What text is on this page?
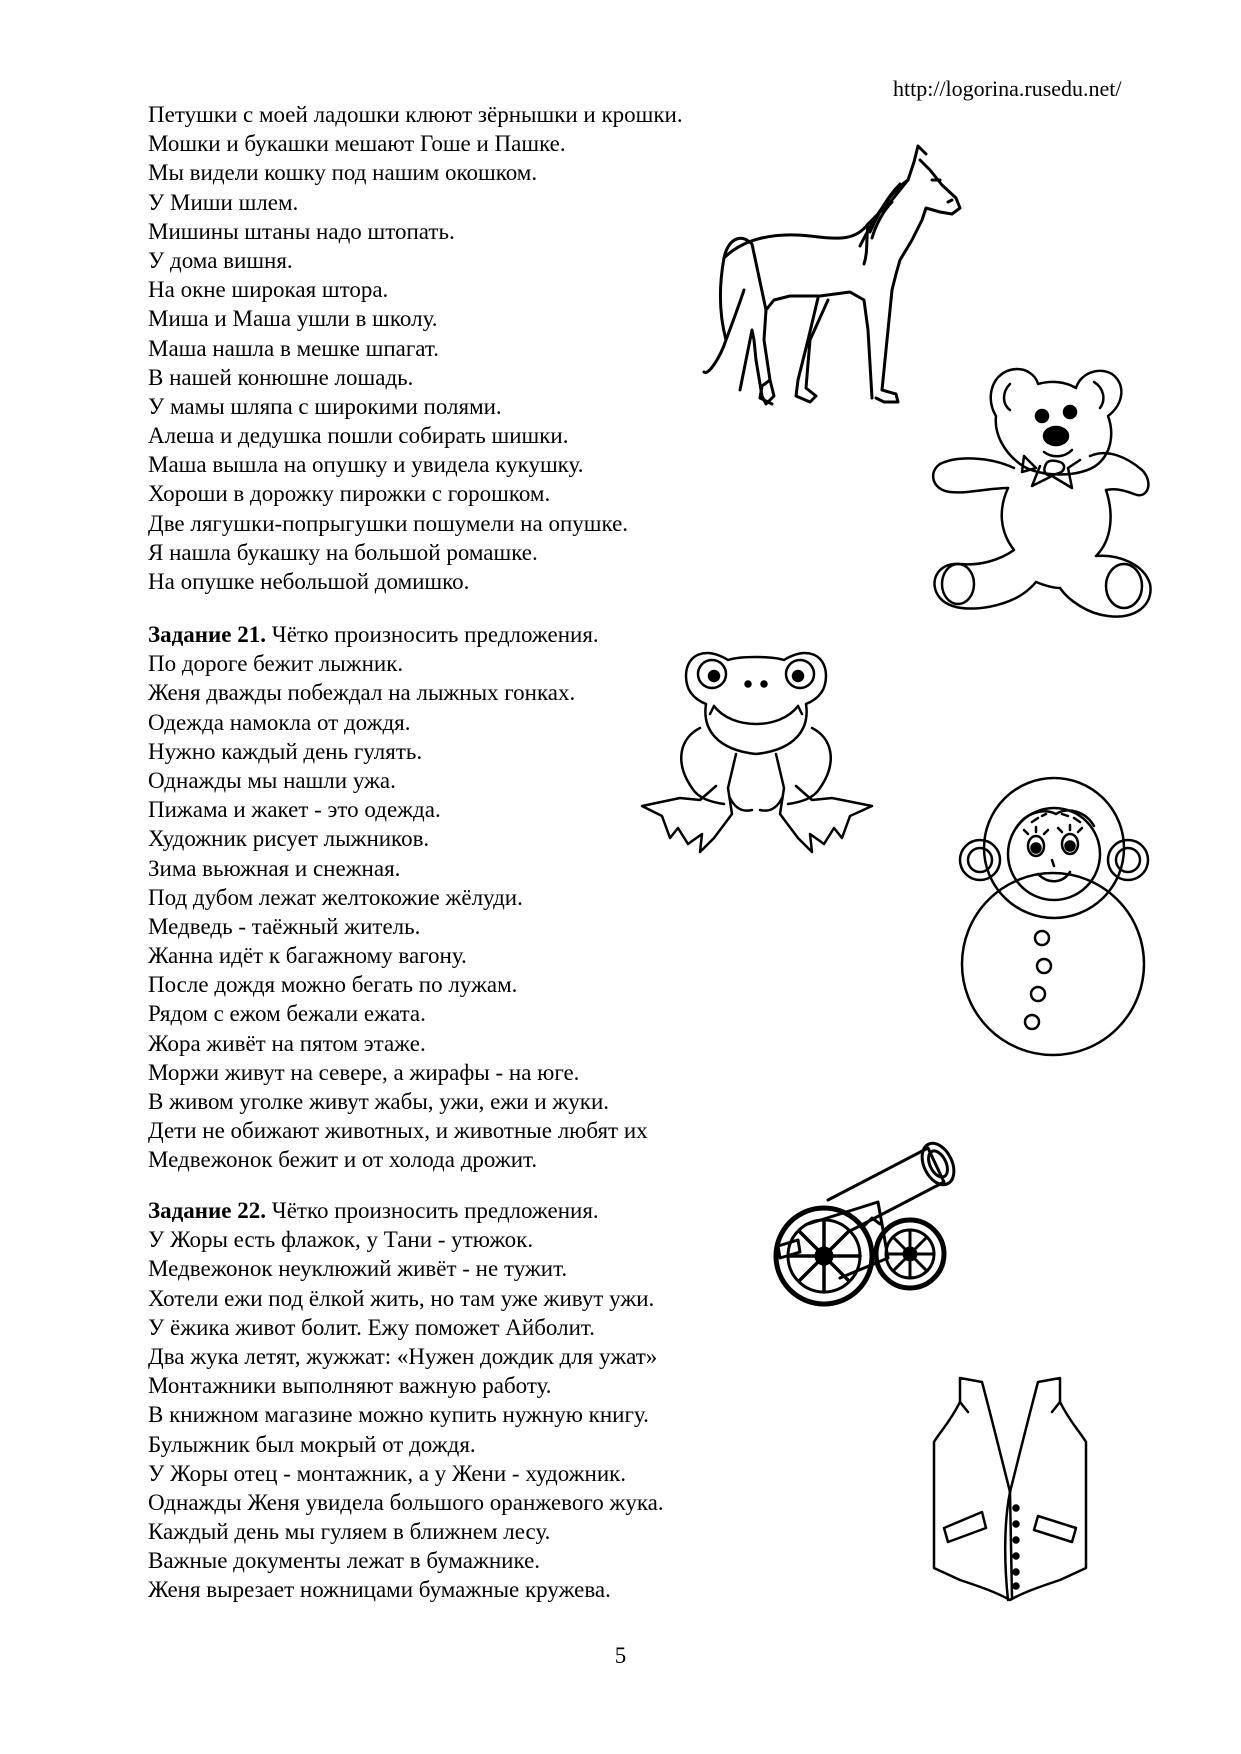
http://logorina.rusedu.net/
Петушки с моей ладошки клюют зёрнышки и крошки.
Мошки и букашки мешают Гоше и Пашке.
Мы видели кошку под нашим окошком.
У Миши шлем.
Мишины штаны надо штопать.
У дома вишня.
На окне широкая штора.
Миша и Маша ушли в школу.
Маша нашла в мешке шпагат.
В нашей конюшне лошадь.
У мамы шляпа с широкими полями.
Алеша и дедушка пошли собирать шишки.
Маша вышла на опушку и увидела кукушку.
Хороши в дорожку пирожки с горошком.
Две лягушки-попрыгушки пошумели на опушке.
Я нашла букашку на большой ромашке.
На опушке небольшой домишко.
Задание 21. Чётко произносить предложения.
По дороге бежит лыжник.
Женя дважды побеждал на лыжных гонках.
Одежда намокла от дождя.
Нужно каждый день гулять.
Однажды мы нашли ужа.
Пижама и жакет - это одежда.
Художник рисует лыжников.
Зима вьюжная и снежная.
Под дубом лежат желтокожие жёлуди.
Медведь - таёжный житель.
Жанна идёт к багажному вагону.
После дождя можно бегать по лужам.
Рядом с ежом бежали ежата.
Жора живёт на пятом этаже.
Моржи живут на севере, а жирафы - на юге.
В живом уголке живут жабы, ужи, ежи и жуки.
Дети не обижают животных, и животные любят их
Медвежонок бежит и от холода дрожит.
Задание 22. Чётко произносить предложения.
У Жоры есть флажок, у Тани - утюжок.
Медвежонок неуклюжий живёт - не тужит.
Хотели ежи под ёлкой жить, но там уже живут ужи.
У ёжика живот болит. Ежу поможет Айболит.
Два жука летят, жужжат: «Нужен дождик для ужат»
Монтажники выполняют важную работу.
В книжном магазине можно купить нужную книгу.
Булыжник был мокрый от дождя.
У Жоры отец - монтажник, а у Жени - художник.
Однажды Женя увидела большого оранжевого жука.
Каждый день мы гуляем в ближнем лесу.
Важные документы лежат в бумажнике.
Женя вырезает ножницами бумажные кружева.
5
